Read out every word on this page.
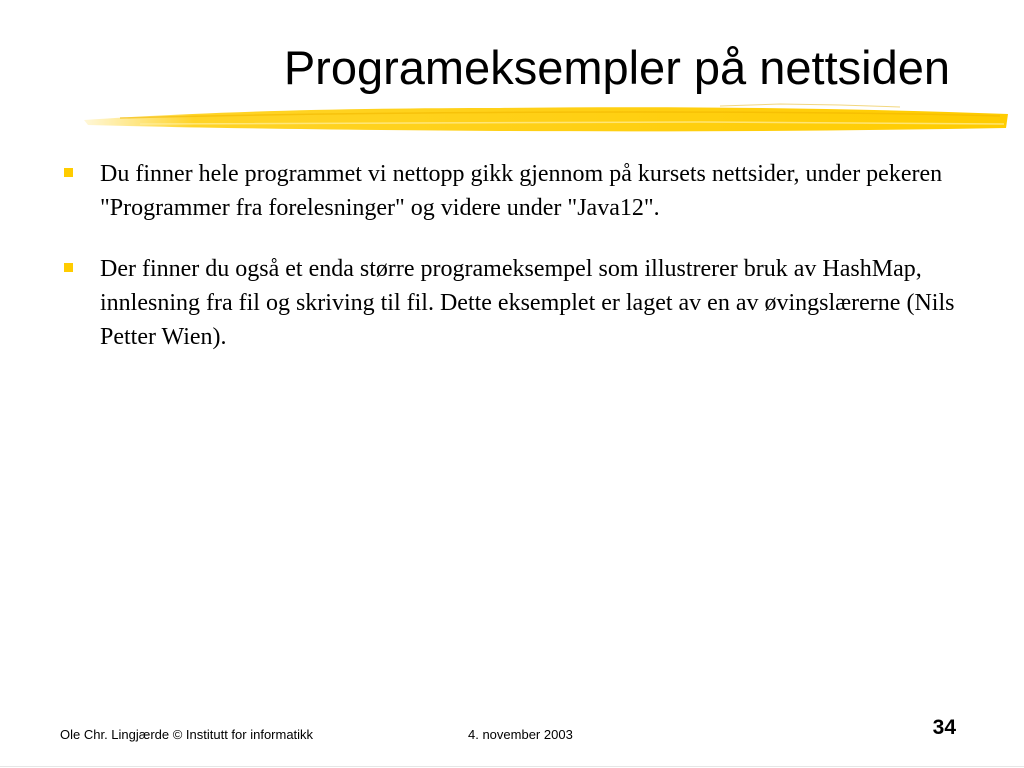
Programeksempler på nettsiden
Du finner hele programmet vi nettopp gikk gjennom på kursets nettsider, under pekeren "Programmer fra forelesninger" og videre under "Java12".
Der finner du også et enda større programeksempel som illustrerer bruk av HashMap, innlesning fra fil og skriving til fil. Dette eksemplet er laget av en av øvingslærerne (Nils Petter Wien).
Ole Chr. Lingjærde © Institutt for informatikk	4. november 2003	34
